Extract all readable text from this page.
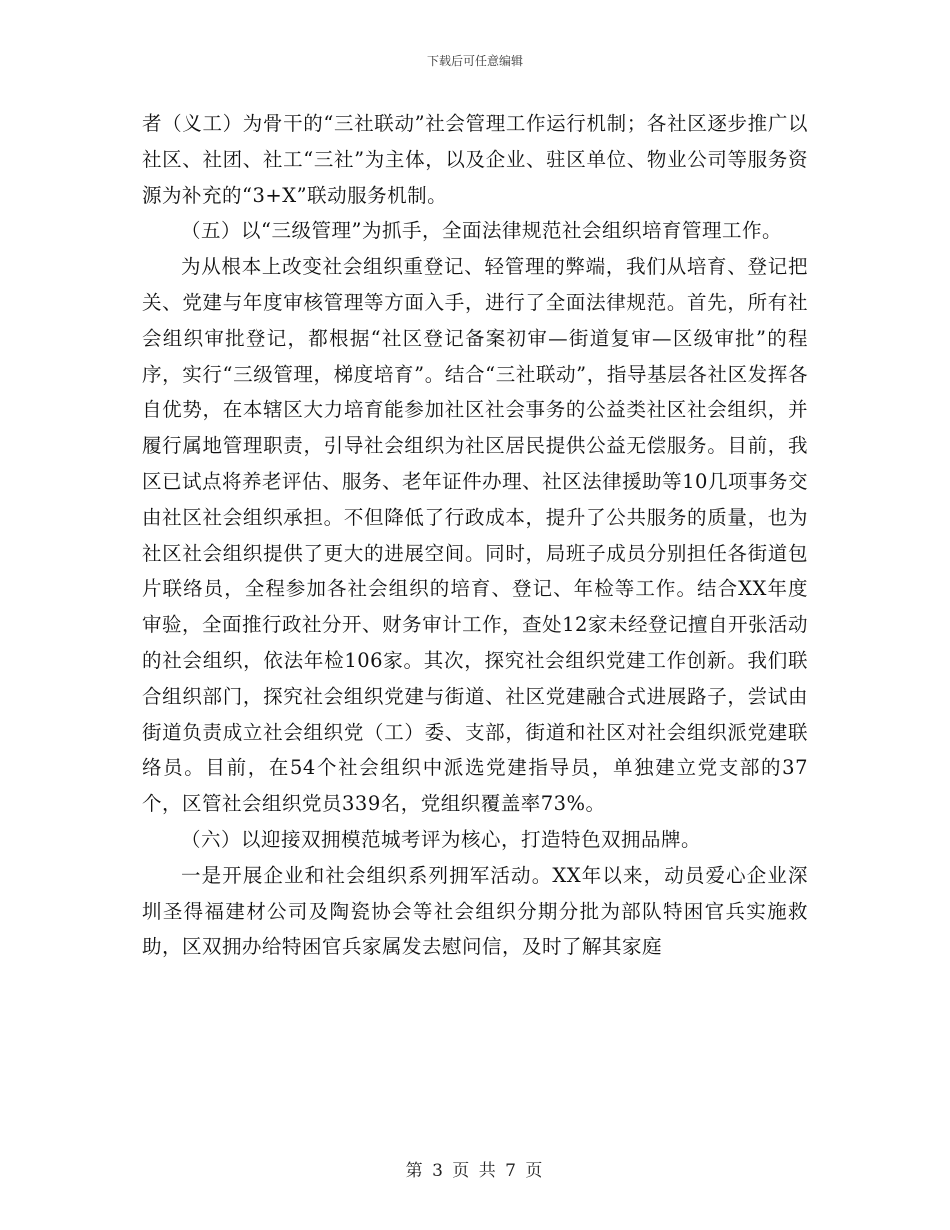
下载后可任意编辑

者（义工）为骨干的“三社联动”社会管理工作运行机制；各社区逐步推广以社区、社团、社工“三社”为主体，以及企业、驻区单位、物业公司等服务资源为补充的“3+X”联动服务机制。

（五）以“三级管理”为抓手，全面法律规范社会组织培育管理工作。

为从根本上改变社会组织重登记、轻管理的弊端，我们从培育、登记把关、党建与年度审核管理等方面入手，进行了全面法律规范。首先，所有社会组织审批登记，都根据“社区登记备案初审—街道复审—区级审批”的程序，实行“三级管理，梯度培育”。结合“三社联动”，指导基层各社区发挥各自优势，在本辖区大力培育能参加社区社会事务的公益类社区社会组织，并履行属地管理职责，引导社会组织为社区居民提供公益无偿服务。目前，我区已试点将养老评估、服务、老年证件办理、社区法律援助等10几项事务交由社区社会组织承担。不但降低了行政成本，提升了公共服务的质量，也为社区社会组织提供了更大的进展空间。同时，局班子成员分别担任各街道包片联络员，全程参加各社会组织的培育、登记、年检等工作。结合XX年度审验，全面推行政社分开、财务审计工作，查处12家未经登记擅自开张活动的社会组织，依法年检106家。其次，探究社会组织党建工作创新。我们联合组织部门，探究社会组织党建与街道、社区党建融合式进展路子，尝试由街道负责成立社会组织党（工）委、支部，街道和社区对社会组织派党建联络员。目前，在54个社会组织中派选党建指导员，单独建立党支部的37个，区管社会组织党员339名，党组织覆盖率73%。

（六）以迎接双拥模范城考评为核心，打造特色双拥品牌。

一是开展企业和社会组织系列拥军活动。XX年以来，动员爱心企业深圳圣得福建材公司及陶瓷协会等社会组织分期分批为部队特困官兵实施救助，区双拥办给特困官兵家属发去慰问信，及时了解其家庭

第 3 页 共 7 页
